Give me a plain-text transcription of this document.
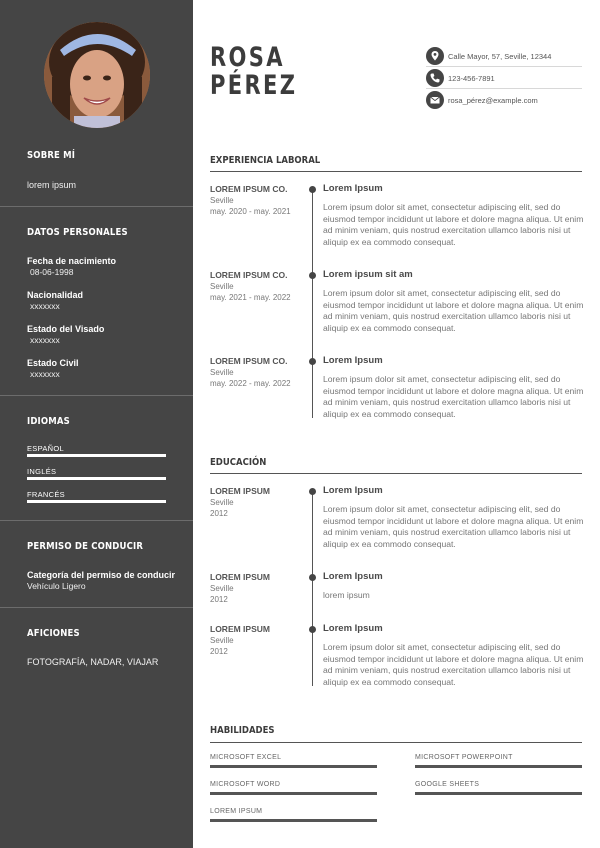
SOBRE MÍ
lorem ipsum
DATOS PERSONALES
Fecha de nacimiento
08-06-1998
Nacionalidad
xxxxxxx
Estado del Visado
xxxxxxx
Estado Civil
xxxxxxx
IDIOMAS
ESPAÑOL
INGLÉS
FRANCÉS
PERMISO DE CONDUCIR
Categoría del permiso de conducir
Vehículo Ligero
AFICIONES
FOTOGRAFÍA, NADAR, VIAJAR
ROSA
PÉREZ
Calle Mayor, 57, Seville, 12344
123-456-7891
rosa_pérez@example.com
EXPERIENCIA LABORAL
LOREM IPSUM CO.
Seville
may. 2020 - may. 2021
Lorem Ipsum
Lorem ipsum dolor sit amet, consectetur adipiscing elit, sed do eiusmod tempor incididunt ut labore et dolore magna aliqua. Ut enim ad minim veniam, quis nostrud exercitation ullamco laboris nisi ut aliquip ex ea commodo consequat.
LOREM IPSUM CO.
Seville
may. 2021 - may. 2022
Lorem ipsum sit am
Lorem ipsum dolor sit amet, consectetur adipiscing elit, sed do eiusmod tempor incididunt ut labore et dolore magna aliqua. Ut enim ad minim veniam, quis nostrud exercitation ullamco laboris nisi ut aliquip ex ea commodo consequat.
LOREM IPSUM CO.
Seville
may. 2022 - may. 2022
Lorem Ipsum
Lorem ipsum dolor sit amet, consectetur adipiscing elit, sed do eiusmod tempor incididunt ut labore et dolore magna aliqua. Ut enim ad minim veniam, quis nostrud exercitation ullamco laboris nisi ut aliquip ex ea commodo consequat.
EDUCACIÓN
LOREM IPSUM
Seville
2012
Lorem Ipsum
Lorem ipsum dolor sit amet, consectetur adipiscing elit, sed do eiusmod tempor incididunt ut labore et dolore magna aliqua. Ut enim ad minim veniam, quis nostrud exercitation ullamco laboris nisi ut aliquip ex ea commodo consequat.
LOREM IPSUM
Seville
2012
Lorem Ipsum
lorem ipsum
LOREM IPSUM
Seville
2012
Lorem Ipsum
Lorem ipsum dolor sit amet, consectetur adipiscing elit, sed do eiusmod tempor incididunt ut labore et dolore magna aliqua. Ut enim ad minim veniam, quis nostrud exercitation ullamco laboris nisi ut aliquip ex ea commodo consequat.
HABILIDADES
MICROSOFT EXCEL	MICROSOFT POWERPOINT
MICROSOFT WORD	GOOGLE SHEETS
LOREM IPSUM
